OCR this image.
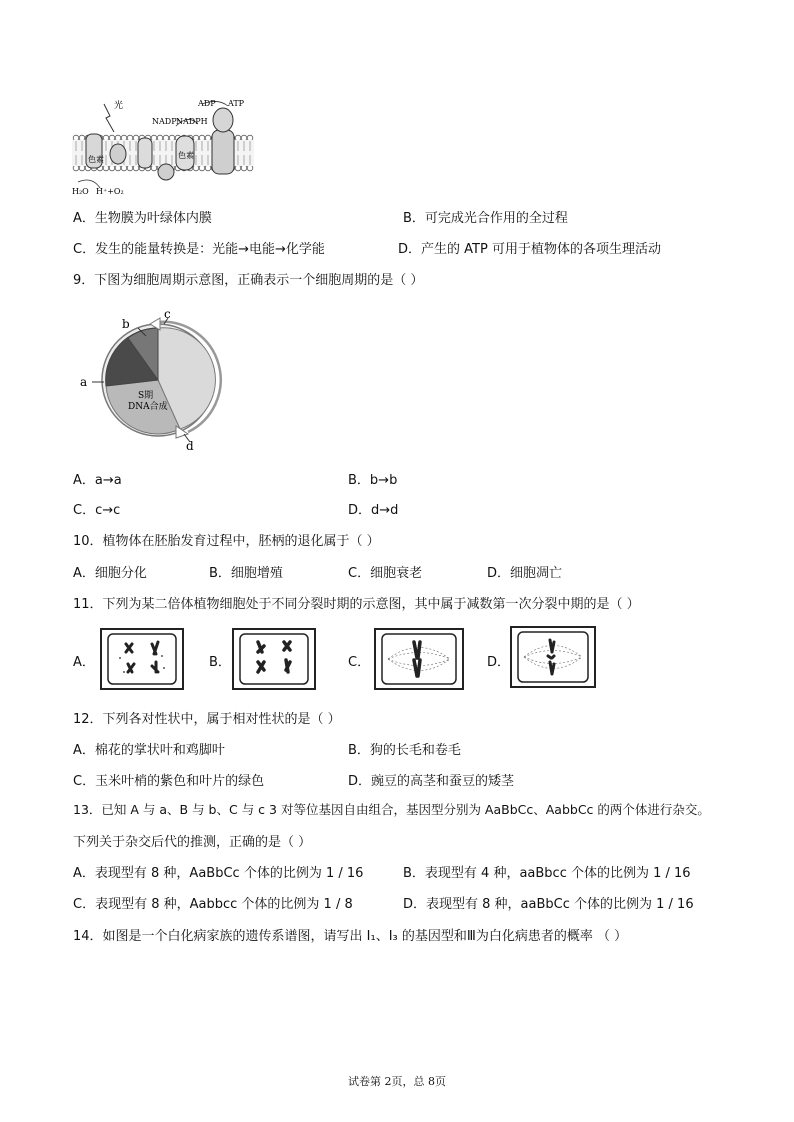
光
NADP⁺
NADPH
ADP ATP
色素	色素
H₂O H⁺+O₂
A．生物膜为叶绿体内膜	B．可完成光合作用的全过程
C．发生的能量转换是：光能→电能→化学能	D．产生的 ATP 可用于植物体的各项生理活动
9．下图为细胞周期示意图，正确表示一个细胞周期的是（ ）
a
b
c
d
S期
DNA合成
A．a→a	B．b→b
C．c→c	D．d→d
10．植物体在胚胎发育过程中，胚柄的退化属于（ ）
A．细胞分化	B．细胞增殖	C．细胞衰老	D．细胞凋亡
11．下列为某二倍体植物细胞处于不同分裂时期的示意图，其中属于减数第一次分裂中期的是（ ）
A．	B．	C．	D．
12．下列各对性状中，属于相对性状的是（ ）
A．棉花的掌状叶和鸡脚叶	B．狗的长毛和卷毛
C．玉米叶梢的紫色和叶片的绿色	D．豌豆的高茎和蚕豆的矮茎
13．已知 A 与 a、B 与 b、C 与 c 3 对等位基因自由组合，基因型分别为 AaBbCc、AabbCc 的两个体进行杂交。
下列关于杂交后代的推测，正确的是（ ）
A．表现型有 8 种，AaBbCc 个体的比例为 1 / 16	B．表现型有 4 种，aaBbcc 个体的比例为 1 / 16
C．表现型有 8 种，Aabbcc 个体的比例为 1 / 8	D．表现型有 8 种，aaBbCc 个体的比例为 1 / 16
14．如图是一个白化病家族的遗传系谱图，请写出 Ⅰ₁、Ⅰ₃ 的基因型和Ⅲ为白化病患者的概率 （ ）
试卷第 2页，总 8页
